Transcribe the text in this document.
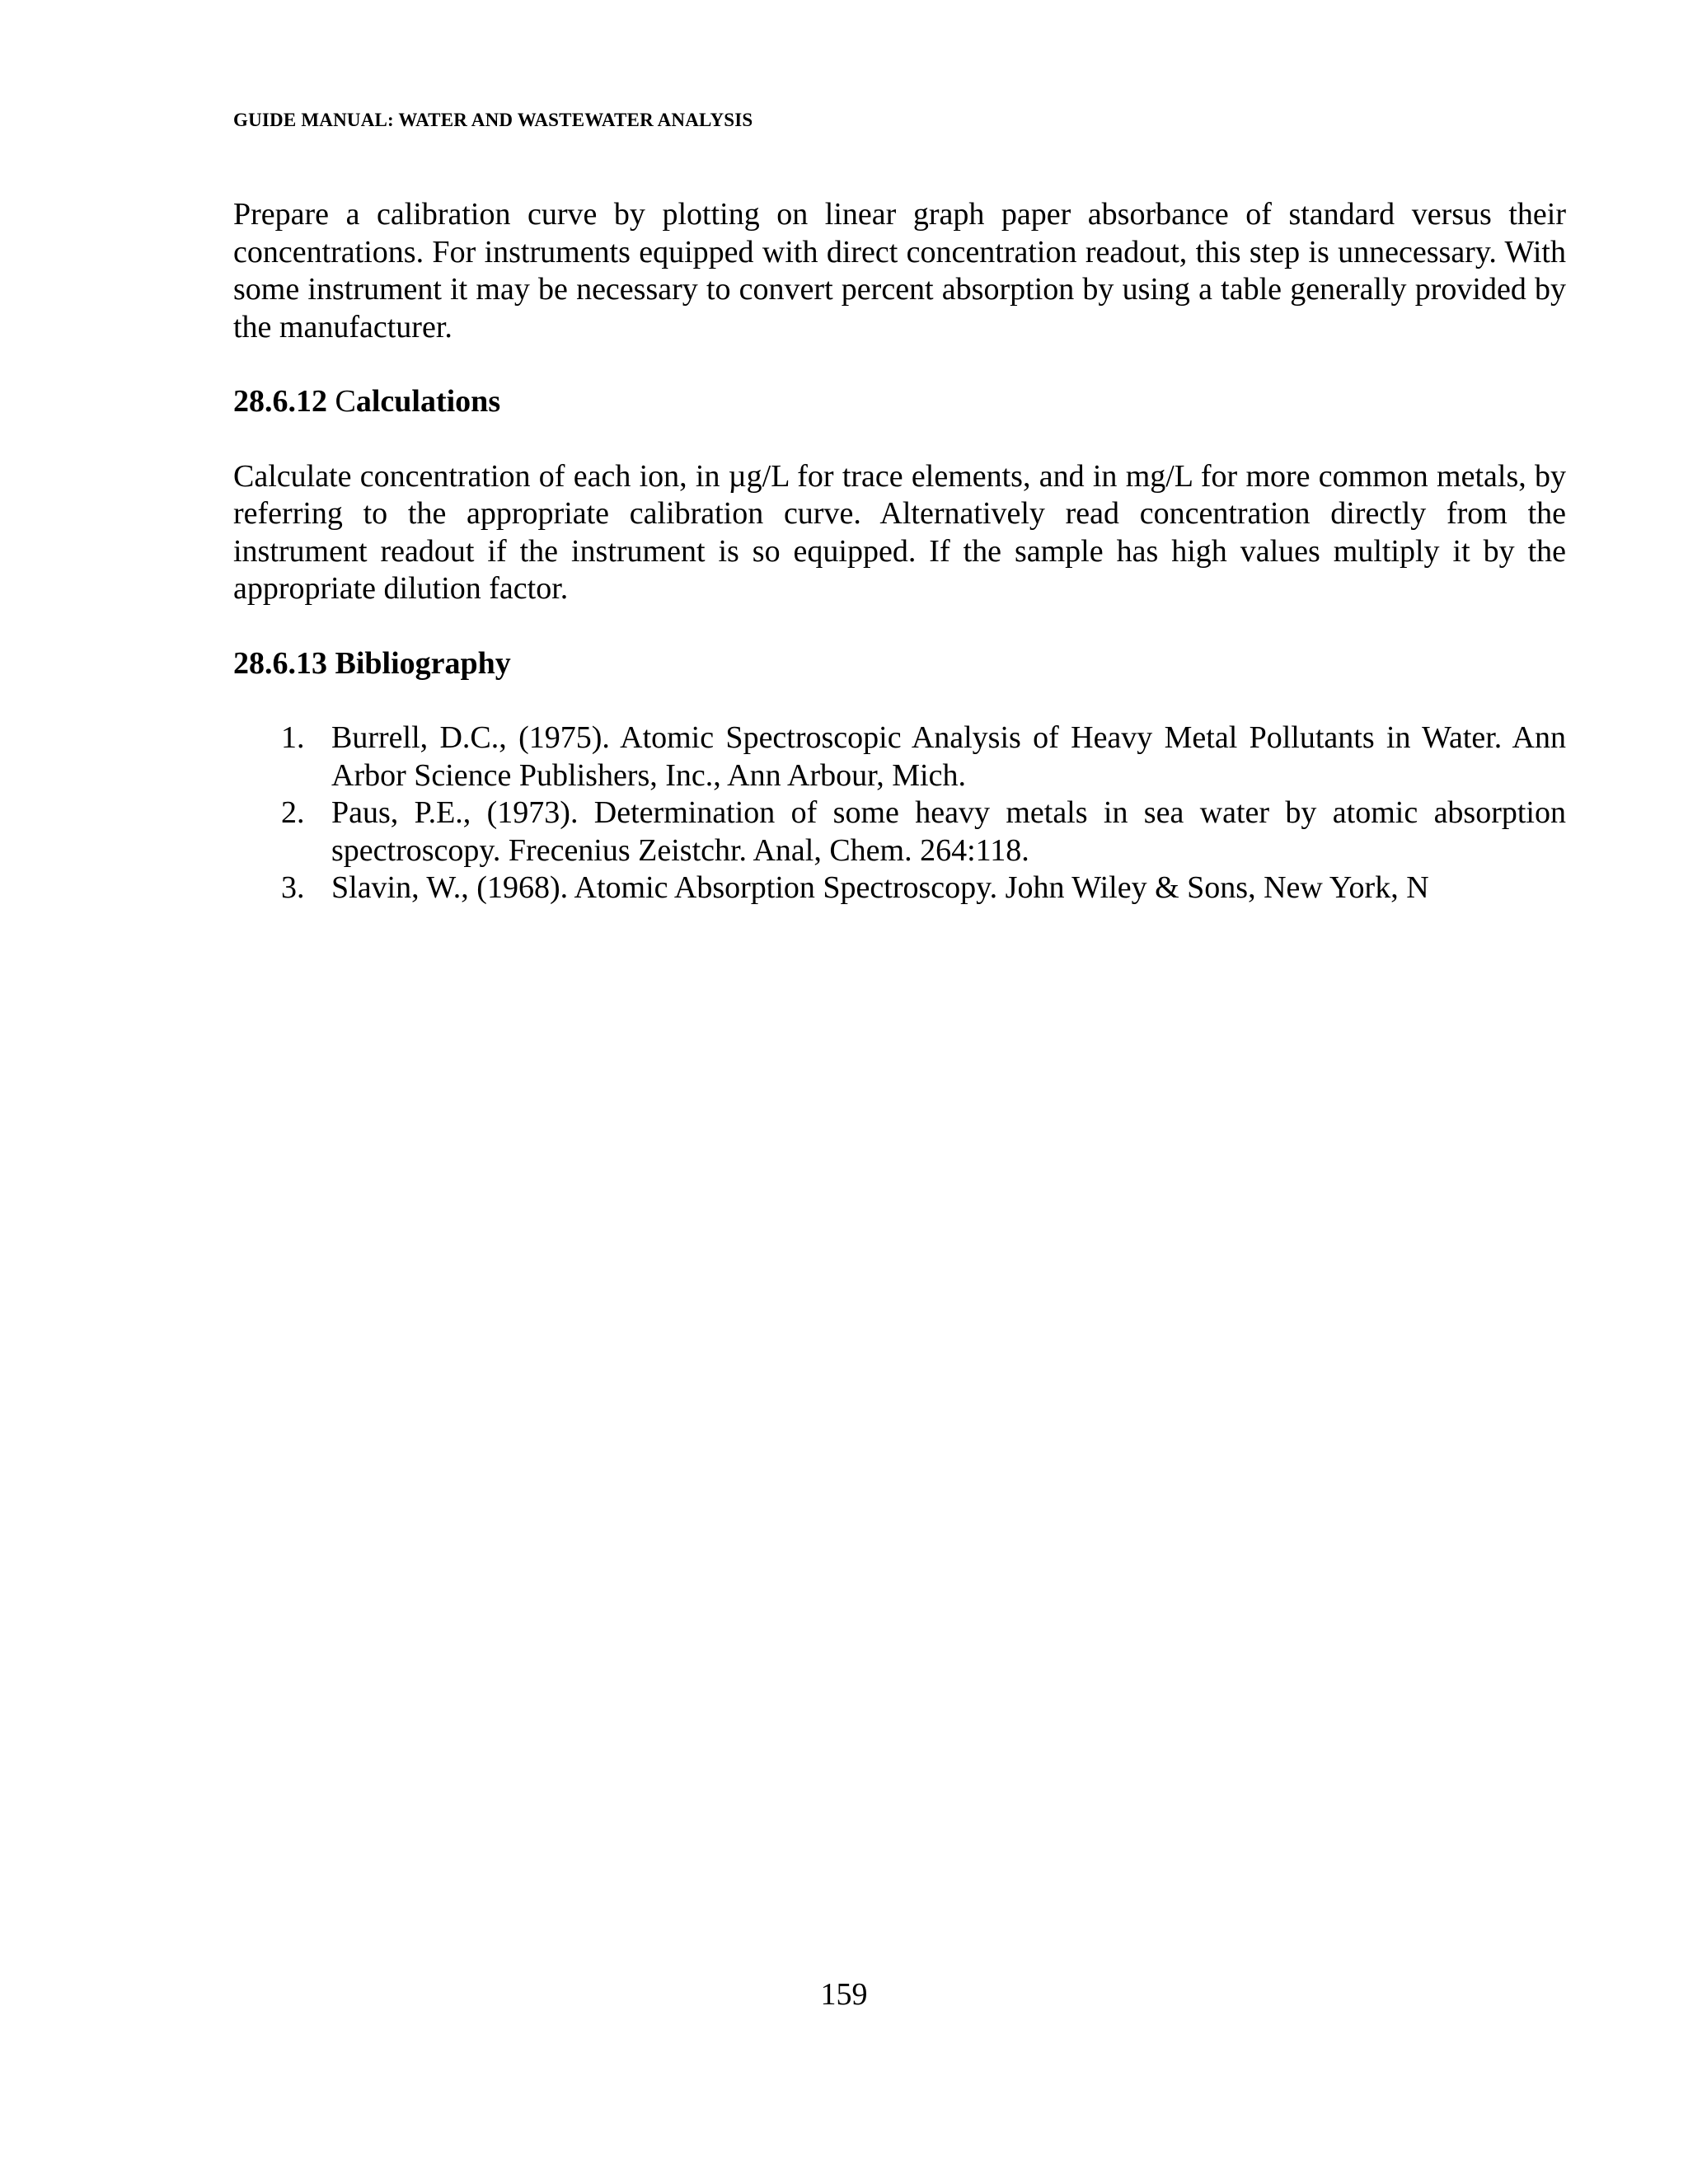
GUIDE MANUAL: WATER AND WASTEWATER ANALYSIS

Prepare a calibration curve by plotting on linear graph paper absorbance of standard versus their concentrations. For instruments equipped with direct concentration readout, this step is unnecessary. With some instrument it may be necessary to convert percent absorption by using a table generally provided by the manufacturer.

28.6.12 Calculations

Calculate concentration of each ion, in µg/L for trace elements, and in mg/L for more common metals, by referring to the appropriate calibration curve. Alternatively read concentration directly from the instrument readout if the instrument is so equipped. If the sample has high values multiply it by the appropriate dilution factor.

28.6.13 Bibliography

1. Burrell, D.C., (1975). Atomic Spectroscopic Analysis of Heavy Metal Pollutants in Water. Ann Arbor Science Publishers, Inc., Ann Arbour, Mich.
2. Paus, P.E., (1973). Determination of some heavy metals in sea water by atomic absorption spectroscopy. Frecenius Zeistchr. Anal, Chem. 264:118.
3. Slavin, W., (1968). Atomic Absorption Spectroscopy. John Wiley & Sons, New York, N
159
